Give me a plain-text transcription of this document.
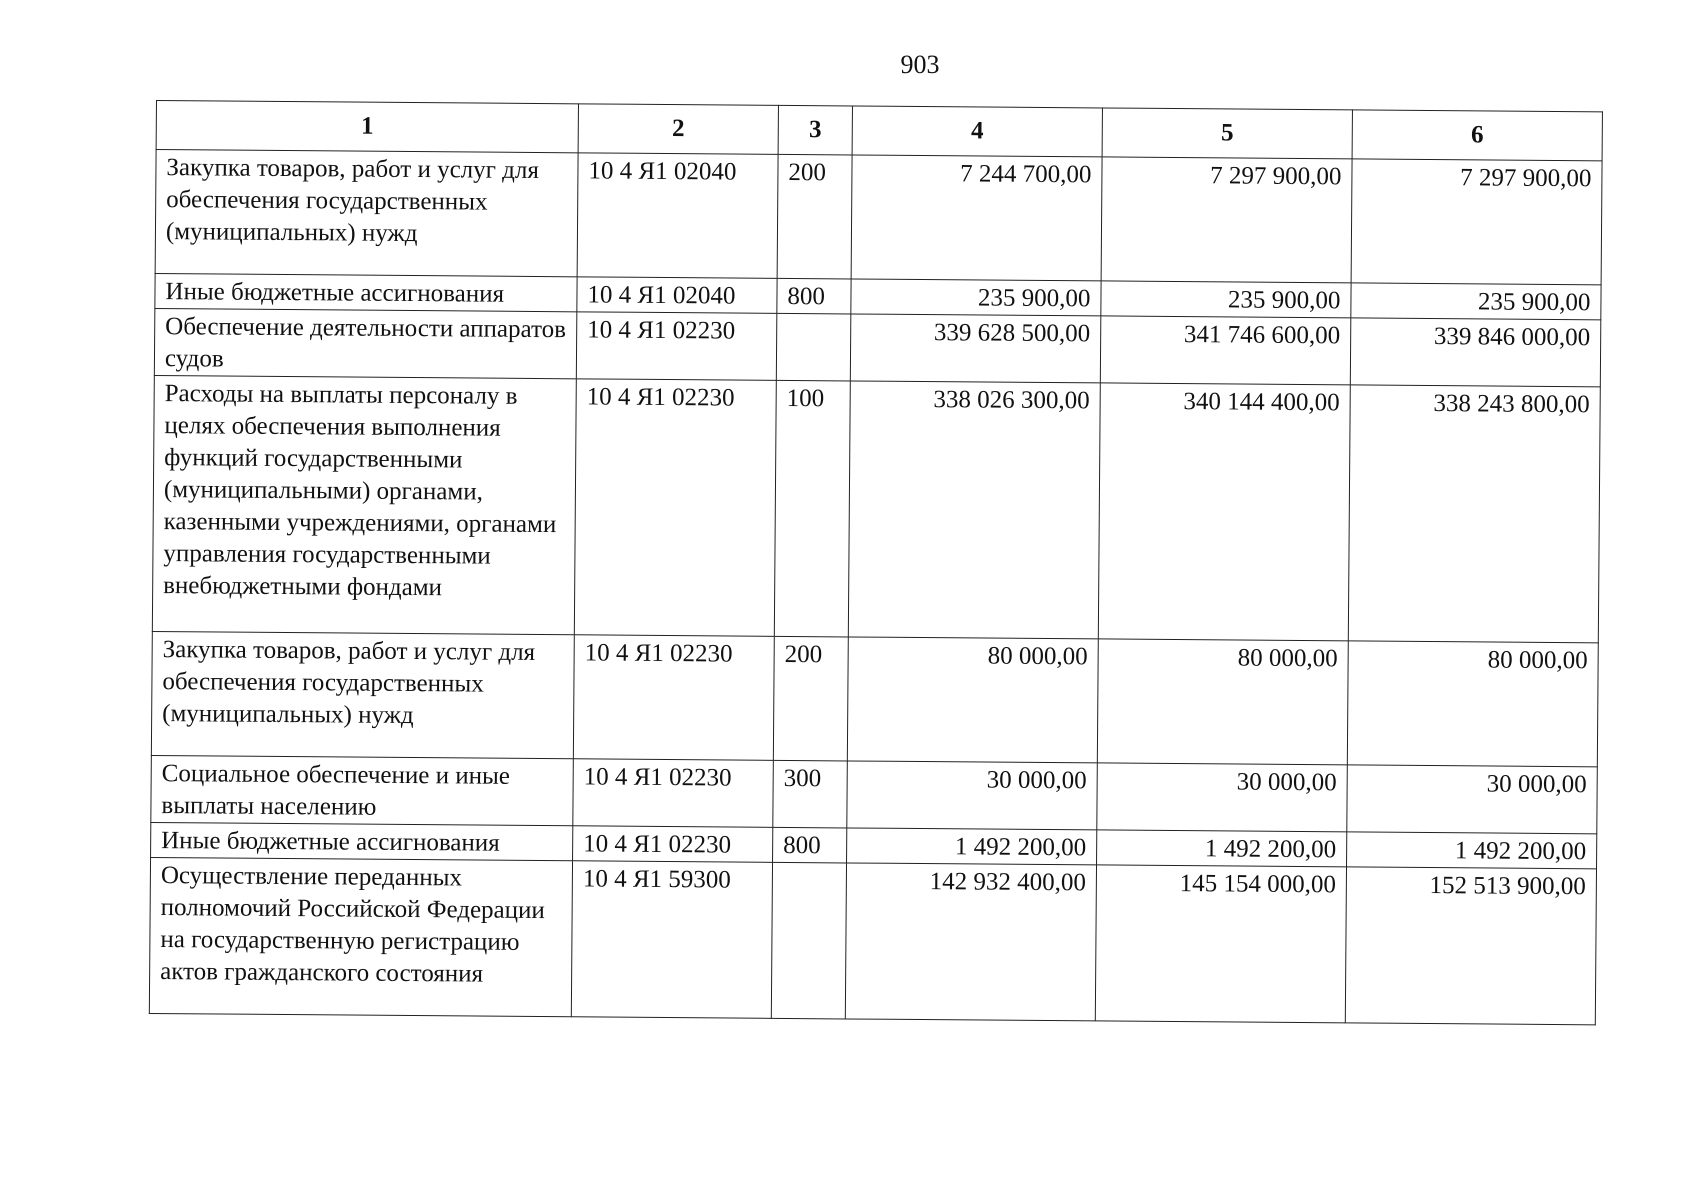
903
1	2	3	4	5	6
Закупка товаров, работ и услуг для обеспечения государственных (муниципальных) нужд	10 4 Я1 02040	200	7 244 700,00	7 297 900,00	7 297 900,00
Иные бюджетные ассигнования	10 4 Я1 02040	800	235 900,00	235 900,00	235 900,00
Обеспечение деятельности аппаратов судов	10 4 Я1 02230		339 628 500,00	341 746 600,00	339 846 000,00
Расходы на выплаты персоналу в целях обеспечения выполнения функций государственными (муниципальными) органами, казенными учреждениями, органами управления государственными внебюджетными фондами	10 4 Я1 02230	100	338 026 300,00	340 144 400,00	338 243 800,00
Закупка товаров, работ и услуг для обеспечения государственных (муниципальных) нужд	10 4 Я1 02230	200	80 000,00	80 000,00	80 000,00
Социальное обеспечение и иные выплаты населению	10 4 Я1 02230	300	30 000,00	30 000,00	30 000,00
Иные бюджетные ассигнования	10 4 Я1 02230	800	1 492 200,00	1 492 200,00	1 492 200,00
Осуществление переданных полномочий Российской Федерации на государственную регистрацию актов гражданского состояния	10 4 Я1 59300		142 932 400,00	145 154 000,00	152 513 900,00
